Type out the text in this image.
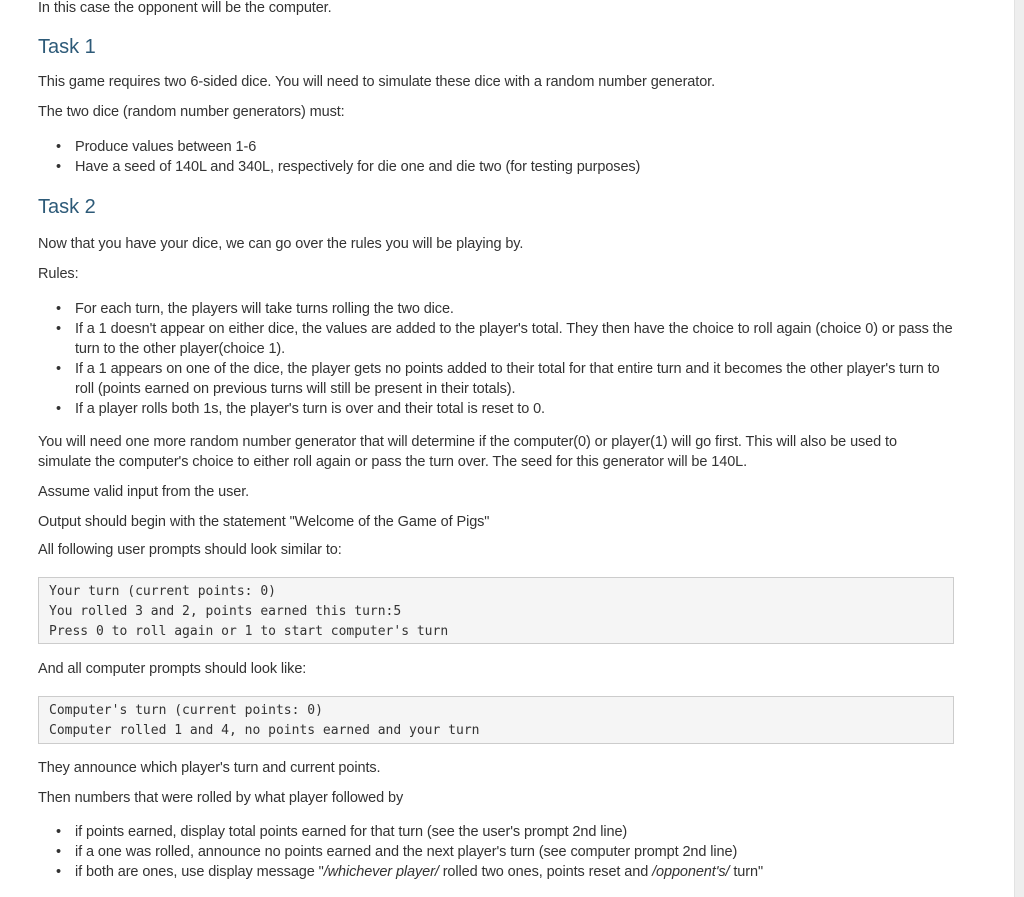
In this case the opponent will be the computer.

Task 1

This game requires two 6-sided dice. You will need to simulate these dice with a random number generator.

The two dice (random number generators) must:

• Produce values between 1-6
• Have a seed of 140L and 340L, respectively for die one and die two (for testing purposes)
Task 2

Now that you have your dice, we can go over the rules you will be playing by.

Rules:

• For each turn, the players will take turns rolling the two dice.
• If a 1 doesn't appear on either dice, the values are added to the player's total. They then have the choice to roll again (choice 0) or pass the turn to the other player(choice 1).
• If a 1 appears on one of the dice, the player gets no points added to their total for that entire turn and it becomes the other player's turn to roll (points earned on previous turns will still be present in their totals).
• If a player rolls both 1s, the player's turn is over and their total is reset to 0.

You will need one more random number generator that will determine if the computer(0) or player(1) will go first. This will also be used to simulate the computer's choice to either roll again or pass the turn over. The seed for this generator will be 140L.

Assume valid input from the user.

Output should begin with the statement "Welcome of the Game of Pigs"

All following user prompts should look similar to:

Your turn (current points: 0)
You rolled 3 and 2, points earned this turn:5
Press 0 to roll again or 1 to start computer's turn

And all computer prompts should look like:

Computer's turn (current points: 0)
Computer rolled 1 and 4, no points earned and your turn

They announce which player's turn and current points.

Then numbers that were rolled by what player followed by

• if points earned, display total points earned for that turn (see the user's prompt 2nd line)
• if a one was rolled, announce no points earned and the next player's turn (see computer prompt 2nd line)
• if both are ones, use display message "/whichever player/ rolled two ones, points reset and /opponent's/ turn"
